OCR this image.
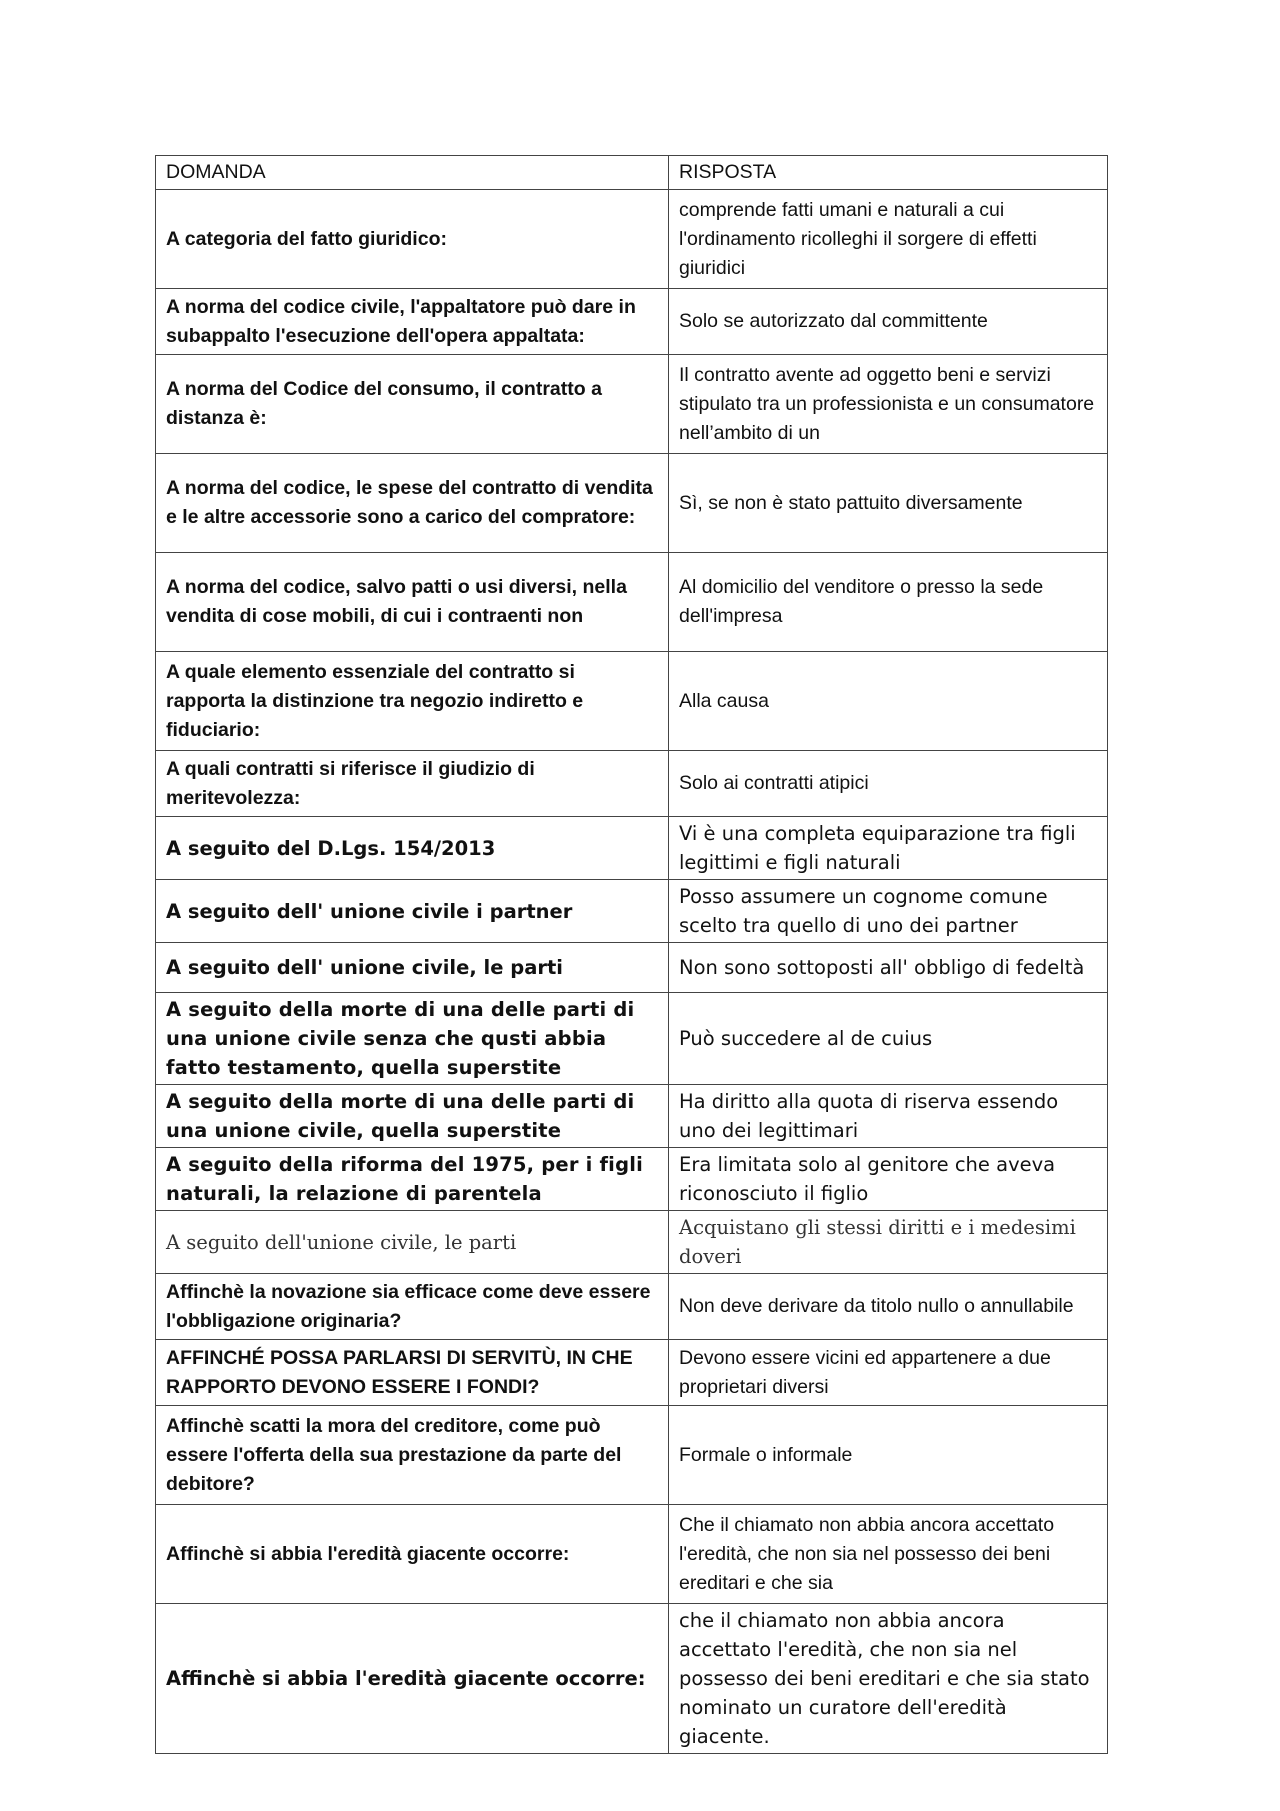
DOMANDA	RISPOSTA
A categoria del fatto giuridico:	comprende fatti umani e naturali a cui l'ordinamento ricolleghi il sorgere di effetti giuridici
A norma del codice civile, l'appaltatore può dare in subappalto l'esecuzione dell'opera appaltata:	Solo se autorizzato dal committente
A norma del Codice del consumo, il contratto a distanza è:	Il contratto avente ad oggetto beni e servizi stipulato tra un professionista e un consumatore nell’ambito di un
A norma del codice, le spese del contratto di vendita e le altre accessorie sono a carico del compratore:	Sì, se non è stato pattuito diversamente
A norma del codice, salvo patti o usi diversi, nella vendita di cose mobili, di cui i contraenti non	Al domicilio del venditore o presso la sede dell'impresa
A quale elemento essenziale del contratto si rapporta la distinzione tra negozio indiretto e fiduciario:	Alla causa
A quali contratti si riferisce il giudizio di meritevolezza:	Solo ai contratti atipici
A seguito del D.Lgs. 154/2013	Vi è una completa equiparazione tra figli legittimi e figli naturali
A seguito dell' unione civile i partner	Posso assumere un cognome comune scelto tra quello di uno dei partner
A seguito dell' unione civile, le parti	Non sono sottoposti all' obbligo di fedeltà
A seguito della morte di una delle parti di una unione civile senza che qusti abbia fatto testamento, quella superstite	Può succedere al de cuius
A seguito della morte di una delle parti di una unione civile, quella superstite	Ha diritto alla quota di riserva essendo uno dei legittimari
A seguito della riforma del 1975, per i figli naturali, la relazione di parentela	Era limitata solo al genitore che aveva riconosciuto il figlio
A seguito dell'unione civile, le parti	Acquistano gli stessi diritti e i medesimi doveri
Affinchè la novazione sia efficace come deve essere l'obbligazione originaria?	Non deve derivare da titolo nullo o annullabile
AFFINCHÉ POSSA PARLARSI DI SERVITÙ, IN CHE RAPPORTO DEVONO ESSERE I FONDI?	Devono essere vicini ed appartenere a due proprietari diversi
Affinchè scatti la mora del creditore, come può essere l'offerta della sua prestazione da parte del debitore?	Formale o informale
Affinchè si abbia l'eredità giacente occorre:	Che il chiamato non abbia ancora accettato l'eredità, che non sia nel possesso dei beni ereditari e che sia
Affinchè si abbia l'eredità giacente occorre:	che il chiamato non abbia ancora accettato l'eredità, che non sia nel possesso dei beni ereditari e che sia stato nominato un curatore dell'eredità giacente.
